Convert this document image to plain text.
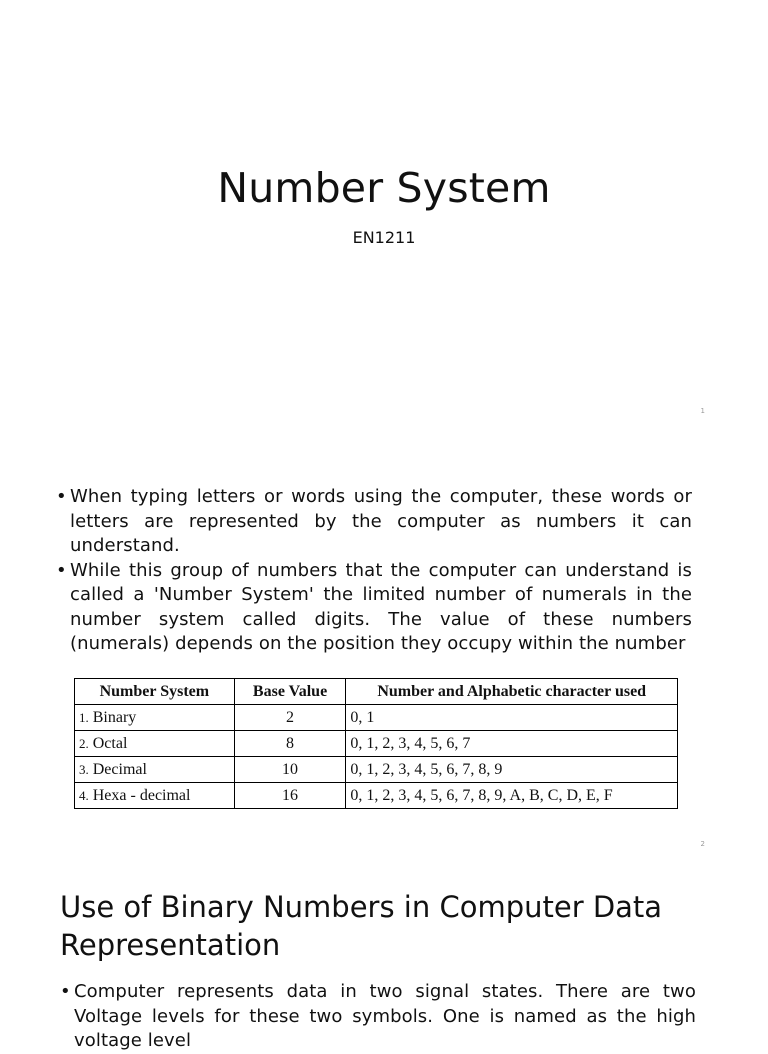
Number System
EN1211
1
• When typing letters or words using the computer, these words or letters are represented by the computer as numbers it can understand.
• While this group of numbers that the computer can understand is called a 'Number System' the limited number of numerals in the number system called digits. The value of these numbers (numerals) depends on the position they occupy within the number
Number System	Base Value	Number and Alphabetic character used
1. Binary	2	0, 1
2. Octal	8	0, 1, 2, 3, 4, 5, 6, 7
3. Decimal	10	0, 1, 2, 3, 4, 5, 6, 7, 8, 9
4. Hexa - decimal	16	0, 1, 2, 3, 4, 5, 6, 7, 8, 9, A, B, C, D, E, F
2
Use of Binary Numbers in Computer Data Representation
• Computer represents data in two signal states. There are two Voltage levels for these two symbols. One is named as the high voltage level
